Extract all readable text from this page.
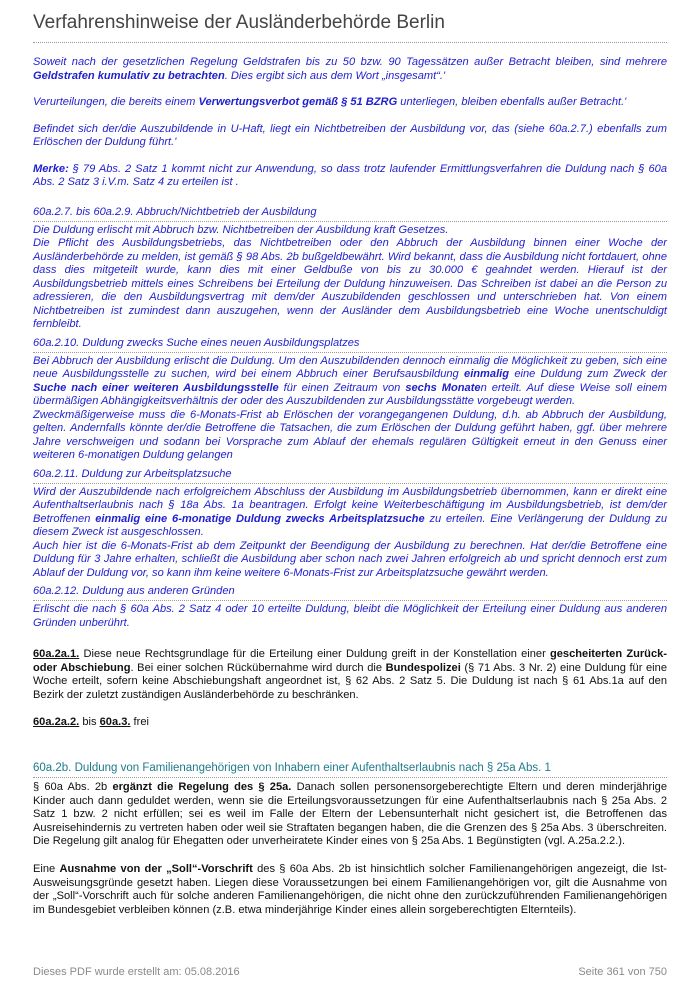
Verfahrenshinweise der Ausländerbehörde Berlin

Soweit nach der gesetzlichen Regelung Geldstrafen bis zu 50 bzw. 90 Tagessätzen außer Betracht bleiben, sind mehrere Geldstrafen kumulativ zu betrachten. Dies ergibt sich aus dem Wort „insgesamt“.'

Verurteilungen, die bereits einem Verwertungsverbot gemäß § 51 BZRG unterliegen, bleiben ebenfalls außer Betracht.'

Befindet sich der/die Auszubildende in U-Haft, liegt ein Nichtbetreiben der Ausbildung vor, das (siehe 60a.2.7.) ebenfalls zum Erlöschen der Duldung führt.'

Merke: § 79 Abs. 2 Satz 1 kommt nicht zur Anwendung, so dass trotz laufender Ermittlungsverfahren die Duldung nach § 60a Abs. 2 Satz 3 i.V.m. Satz 4 zu erteilen ist .

60a.2.7. bis 60a.2.9. Abbruch/Nichtbetrieb der Ausbildung

Die Duldung erlischt mit Abbruch bzw. Nichtbetreiben der Ausbildung kraft Gesetzes.

Die Pflicht des Ausbildungsbetriebs, das Nichtbetreiben oder den Abbruch der Ausbildung binnen einer Woche der Ausländerbehörde zu melden, ist gemäß § 98 Abs. 2b bußgeldbewährt. Wird bekannt, dass die Ausbildung nicht fortdauert, ohne dass dies mitgeteilt wurde, kann dies mit einer Geldbuße von bis zu 30.000 € geahndet werden. Hierauf ist der Ausbildungsbetrieb mittels eines Schreibens bei Erteilung der Duldung hinzuweisen. Das Schreiben ist dabei an die Person zu adressieren, die den Ausbildungsvertrag mit dem/der Auszubildenden geschlossen und unterschrieben hat. Von einem Nichtbetreiben ist zumindest dann auszugehen, wenn der Ausländer dem Ausbildungsbetrieb eine Woche unentschuldigt fernbleibt.

60a.2.10. Duldung zwecks Suche eines neuen Ausbildungsplatzes

Bei Abbruch der Ausbildung erlischt die Duldung. Um den Auszubildenden dennoch einmalig die Möglichkeit zu geben, sich eine neue Ausbildungsstelle zu suchen, wird bei einem Abbruch einer Berufsausbildung einmalig eine Duldung zum Zweck der Suche nach einer weiteren Ausbildungsstelle für einen Zeitraum von sechs Monaten erteilt. Auf diese Weise soll einem übermäßigen Abhängigkeitsverhältnis der oder des Auszubildenden zur Ausbildungsstätte vorgebeugt werden.

Zweckmäßigerweise muss die 6-Monats-Frist ab Erlöschen der vorangegangenen Duldung, d.h. ab Abbruch der Ausbildung, gelten. Andernfalls könnte der/die Betroffene die Tatsachen, die zum Erlöschen der Duldung geführt haben, ggf. über mehrere Jahre verschweigen und sodann bei Vorsprache zum Ablauf der ehemals regulären Gültigkeit erneut in den Genuss einer weiteren 6-monatigen Duldung gelangen

60a.2.11. Duldung zur Arbeitsplatzsuche

Wird der Auszubildende nach erfolgreichem Abschluss der Ausbildung im Ausbildungsbetrieb übernommen, kann er direkt eine Aufenthaltserlaubnis nach § 18a Abs. 1a beantragen. Erfolgt keine Weiterbeschäftigung im Ausbildungsbetrieb, ist dem/der Betroffenen einmalig eine 6-monatige Duldung zwecks Arbeitsplatzsuche zu erteilen. Eine Verlängerung der Duldung zu diesem Zweck ist ausgeschlossen.

Auch hier ist die 6-Monats-Frist ab dem Zeitpunkt der Beendigung der Ausbildung zu berechnen. Hat der/die Betroffene eine Duldung für 3 Jahre erhalten, schließt die Ausbildung aber schon nach zwei Jahren erfolgreich ab und spricht dennoch erst zum Ablauf der Duldung vor, so kann ihm keine weitere 6-Monats-Frist zur Arbeitsplatzsuche gewährt werden.

60a.2.12. Duldung aus anderen Gründen

Erlischt die nach § 60a Abs. 2 Satz 4 oder 10 erteilte Duldung, bleibt die Möglichkeit der Erteilung einer Duldung aus anderen Gründen unberührt.

60a.2a.1. Diese neue Rechtsgrundlage für die Erteilung einer Duldung greift in der Konstellation einer gescheiterten Zurück- oder Abschiebung. Bei einer solchen Rückübernahme wird durch die Bundespolizei (§ 71 Abs. 3 Nr. 2) eine Duldung für eine Woche erteilt, sofern keine Abschiebungshaft angeordnet ist, § 62 Abs. 2 Satz 5. Die Duldung ist nach § 61 Abs.1a auf den Bezirk der zuletzt zuständigen Ausländerbehörde zu beschränken.

60a.2a.2. bis 60a.3. frei

60a.2b. Duldung von Familienangehörigen von Inhabern einer Aufenthaltserlaubnis nach § 25a Abs. 1

§ 60a Abs. 2b ergänzt die Regelung des § 25a. Danach sollen personensorgeberechtigte Eltern und deren minderjährige Kinder auch dann geduldet werden, wenn sie die Erteilungsvoraussetzungen für eine Aufenthaltserlaubnis nach § 25a Abs. 2 Satz 1 bzw. 2 nicht erfüllen; sei es weil im Falle der Eltern der Lebensunterhalt nicht gesichert ist, die Betroffenen das Ausreisehindernis zu vertreten haben oder weil sie Straftaten begangen haben, die die Grenzen des § 25a Abs. 3 überschreiten. Die Regelung gilt analog für Ehegatten oder unverheiratete Kinder eines von § 25a Abs. 1 Begünstigten (vgl. A.25a.2.2.).

Eine Ausnahme von der „Soll“-Vorschrift des § 60a Abs. 2b ist hinsichtlich solcher Familienangehörigen angezeigt, die Ist- Ausweisungsgründe gesetzt haben. Liegen diese Voraussetzungen bei einem Familienangehörigen vor, gilt die Ausnahme von der „Soll“-Vorschrift auch für solche anderen Familienangehörigen, die nicht ohne den zurückzuführenden Familienangehörigen im Bundesgebiet verbleiben können (z.B. etwa minderjährige Kinder eines allein sorgeberechtigten Elternteils).

Dieses PDF wurde erstellt am: 05.08.2016	Seite 361 von 750
